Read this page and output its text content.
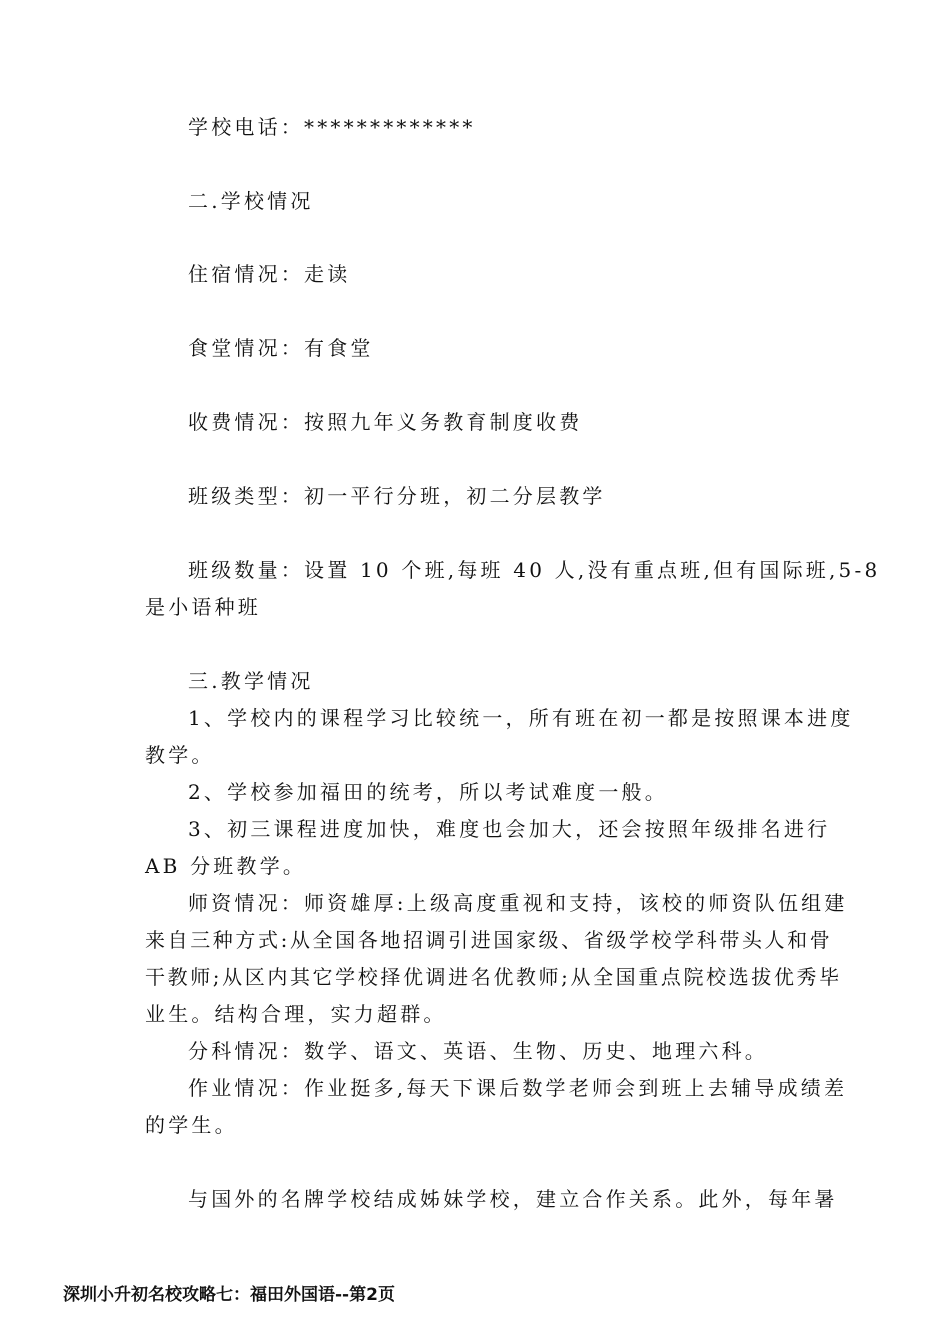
学校电话：*************
二.学校情况
住宿情况：走读
食堂情况：有食堂
收费情况：按照九年义务教育制度收费
班级类型：初一平行分班，初二分层教学
班级数量：设置 10 个班,每班 40 人,没有重点班,但有国际班,5-8
是小语种班
三.教学情况
1、学校内的课程学习比较统一，所有班在初一都是按照课本进度
教学。
2、学校参加福田的统考，所以考试难度一般。
3、初三课程进度加快，难度也会加大，还会按照年级排名进行
AB 分班教学。
师资情况：师资雄厚:上级高度重视和支持，该校的师资队伍组建
来自三种方式:从全国各地招调引进国家级、省级学校学科带头人和骨
干教师;从区内其它学校择优调进名优教师;从全国重点院校选拔优秀毕
业生。结构合理，实力超群。
分科情况：数学、语文、英语、生物、历史、地理六科。
作业情况：作业挺多,每天下课后数学老师会到班上去辅导成绩差
的学生。
与国外的名牌学校结成姊妹学校，建立合作关系。此外，每年暑
深圳小升初名校攻略七：福田外国语--第2页
